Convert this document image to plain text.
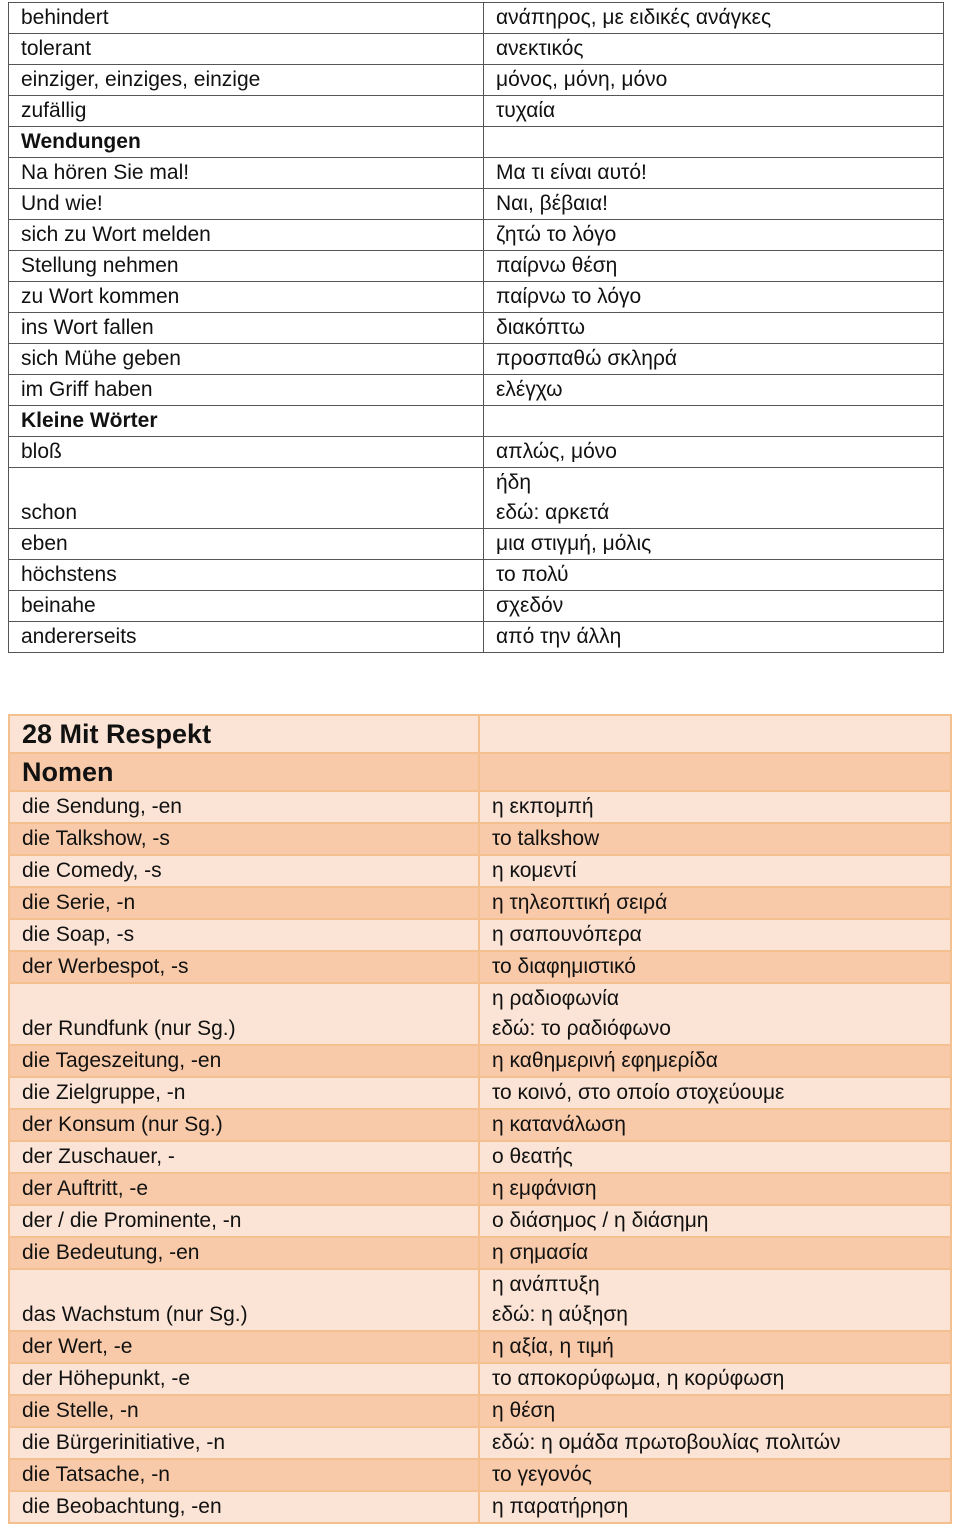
behindert	ανάπηρος, με ειδικές ανάγκες

tolerant	ανεκτικός

einziger, einziges, einzige	μόνος, μόνη, μόνο

zufällig	τυχαία

Wendungen	

Na hören Sie mal!	Μα τι είναι αυτό!

Und wie!	Ναι, βέβαια!

sich zu Wort melden	ζητώ το λόγο

Stellung nehmen	παίρνω θέση

zu Wort kommen	παίρνω το λόγο

ins Wort fallen	διακόπτω

sich Mühe geben	προσπαθώ σκληρά

im Griff haben	ελέγχω

Kleine Wörter	

bloß	απλώς, μόνο

schon	ήδη
εδώ: αρκετά

eben	μια στιγμή, μόλις

höchstens	το πολύ

beinahe	σχεδόν

andererseits	από την άλλη
28 Mit Respekt	
Nomen	
die Sendung, -en	η εκπομπή

die Talkshow, -s	το talkshow

die Comedy, -s	η κομεντί

die Serie, -n	η τηλεοπτική σειρά

die Soap, -s	η σαπουνόπερα

der Werbespot, -s	το διαφημιστικό

der Rundfunk (nur Sg.)	η ραδιοφωνία
εδώ: το ραδιόφωνο

die Tageszeitung, -en	η καθημερινή εφημερίδα

die Zielgruppe, -n	το κοινό, στο οποίο στοχεύουμε

der Konsum (nur Sg.)	η κατανάλωση

der Zuschauer, -	ο θεατής

der Auftritt, -e	η εμφάνιση

der / die Prominente, -n	ο διάσημος / η διάσημη

die Bedeutung, -en	η σημασία

das Wachstum (nur Sg.)	η ανάπτυξη
εδώ: η αύξηση

der Wert, -e	η αξία, η τιμή

der Höhepunkt, -e	το αποκορύφωμα, η κορύφωση

die Stelle, -n	η θέση

die Bürgerinitiative, -n	εδώ: η ομάδα πρωτοβουλίας πολιτών

die Tatsache, -n	το γεγονός

die Beobachtung, -en	η παρατήρηση
